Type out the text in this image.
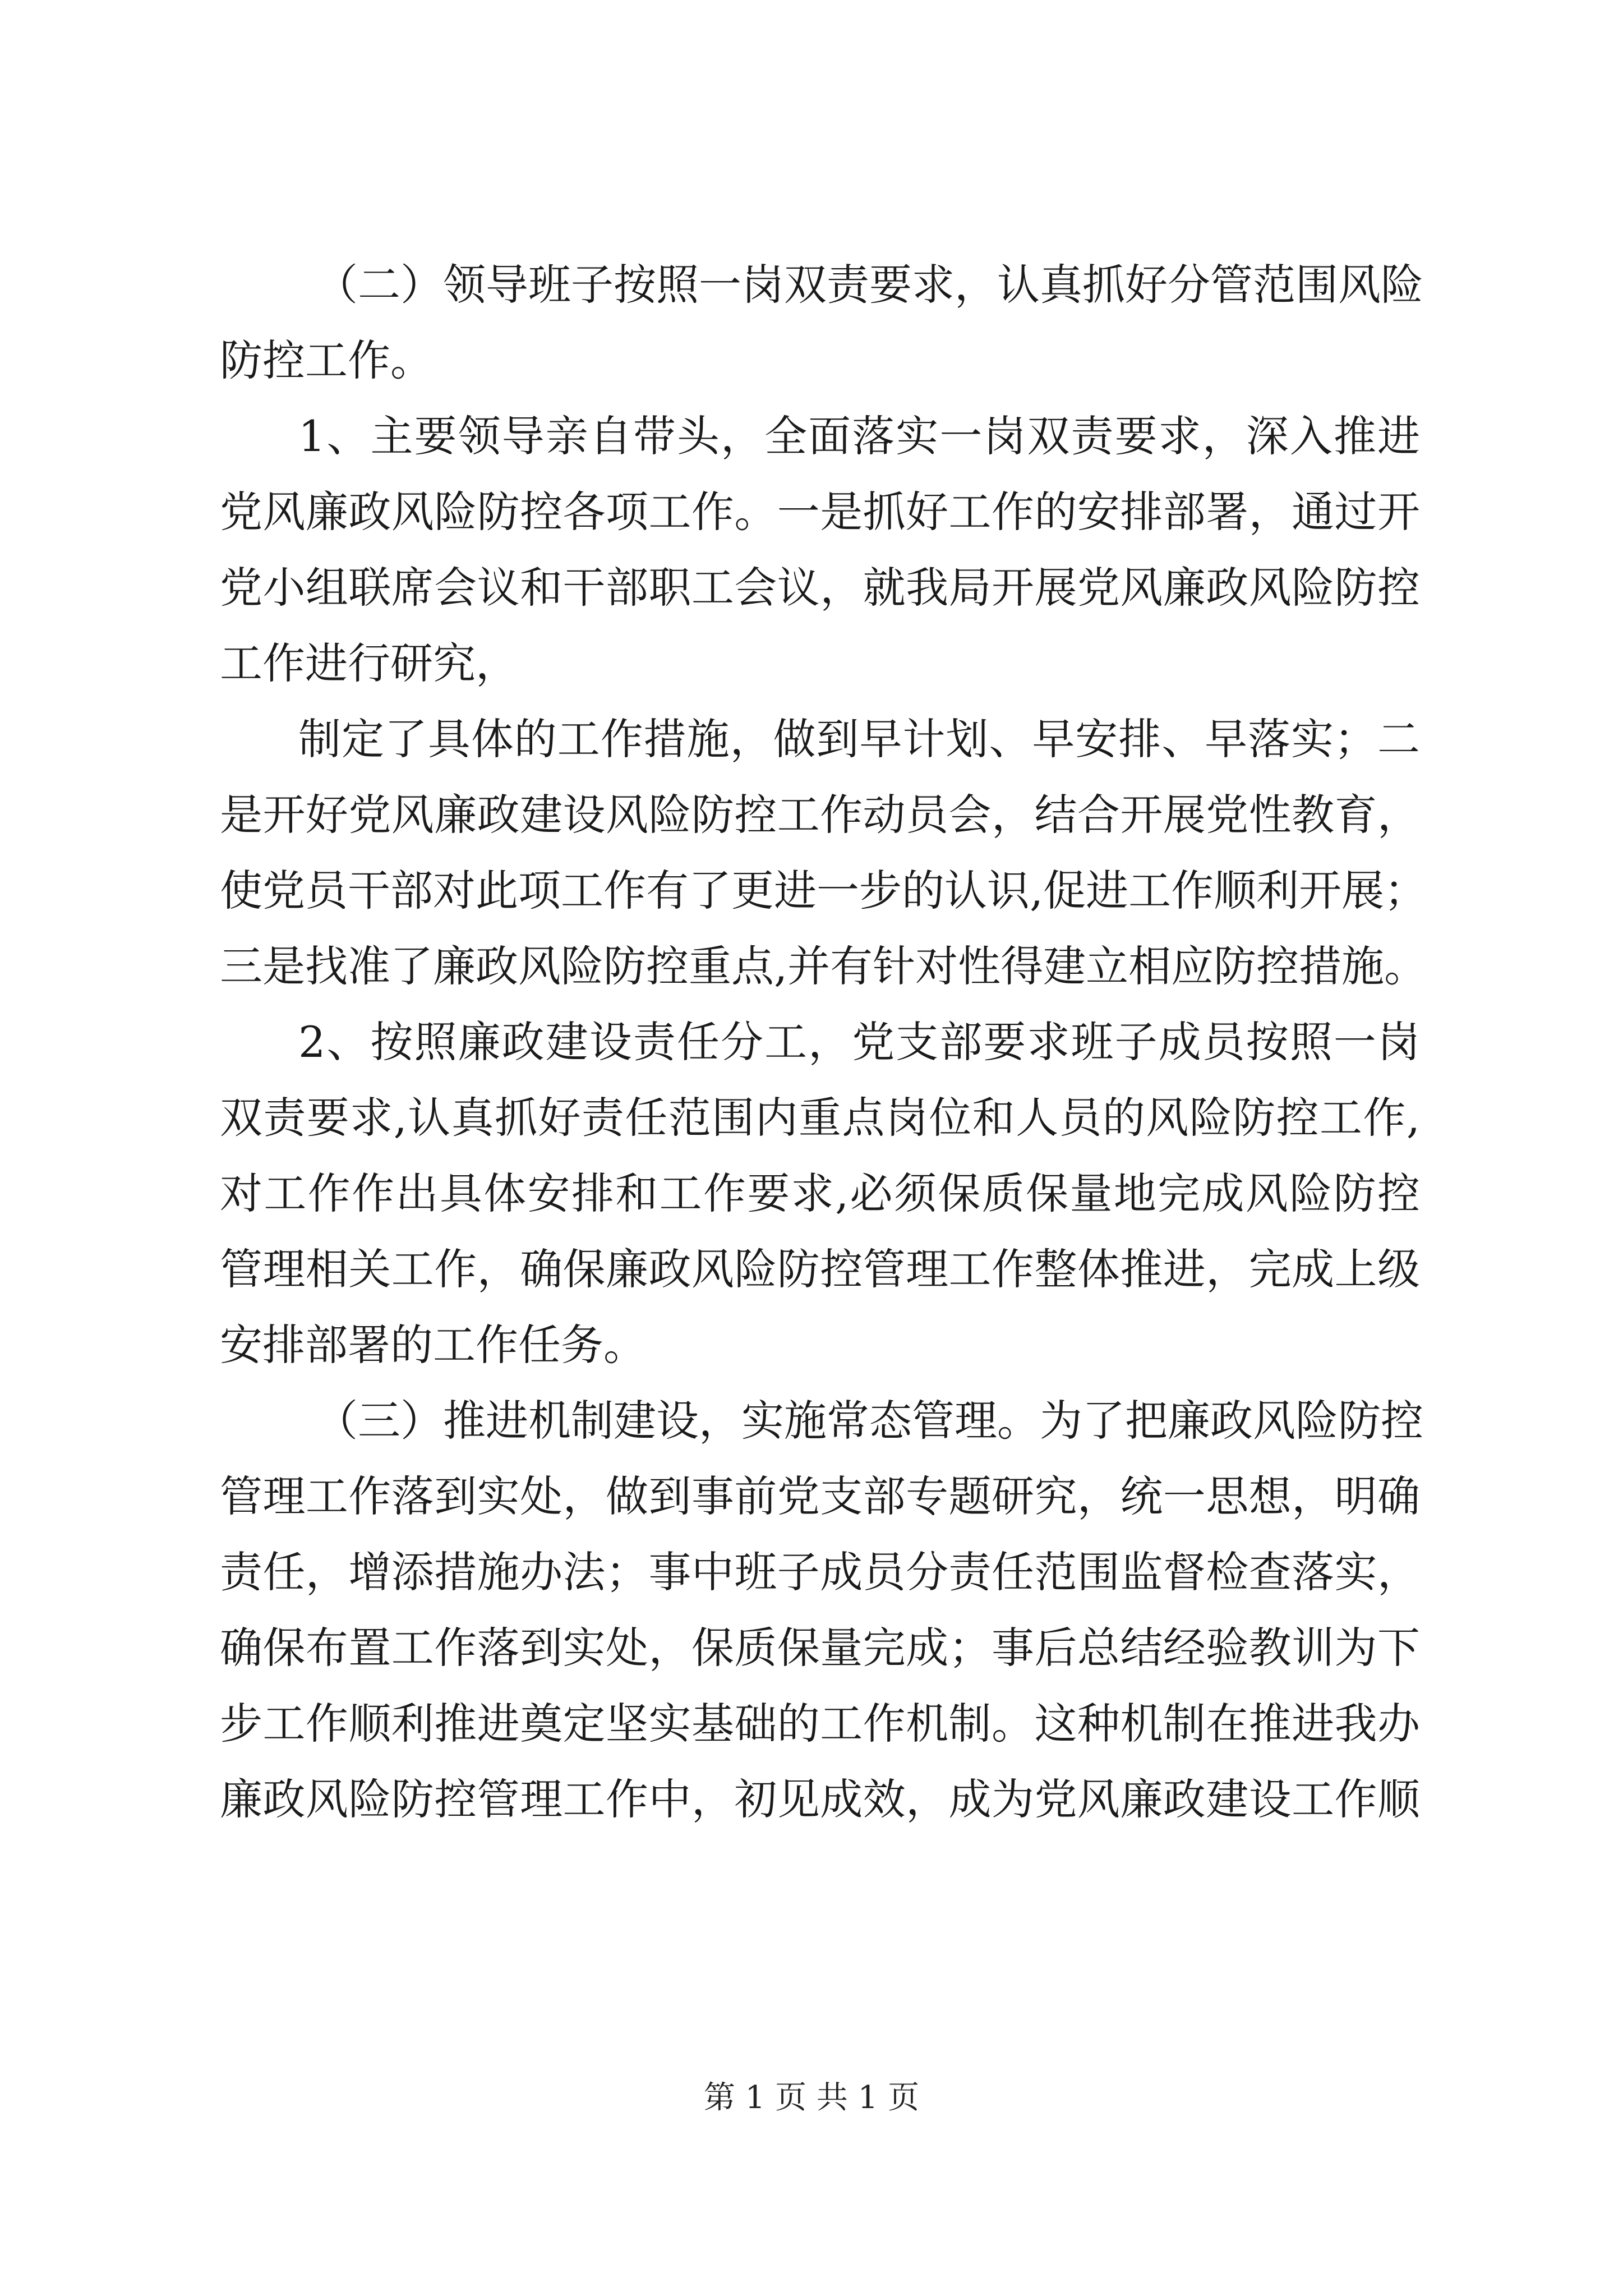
（二）领导班子按照一岗双责要求，认真抓好分管范围风险
防控工作。
1、主要领导亲自带头，全面落实一岗双责要求，深入推进
党风廉政风险防控各项工作。一是抓好工作的安排部署，通过开
党小组联席会议和干部职工会议，就我局开展党风廉政风险防控
工作进行研究，
制定了具体的工作措施，做到早计划、早安排、早落实；二
是开好党风廉政建设风险防控工作动员会，结合开展党性教育，
使党员干部对此项工作有了更进一步的认识,促进工作顺利开展；
三是找准了廉政风险防控重点,并有针对性得建立相应防控措施。
2、按照廉政建设责任分工，党支部要求班子成员按照一岗
双责要求,认真抓好责任范围内重点岗位和人员的风险防控工作,
对工作作出具体安排和工作要求,必须保质保量地完成风险防控
管理相关工作，确保廉政风险防控管理工作整体推进，完成上级
安排部署的工作任务。
（三）推进机制建设，实施常态管理。为了把廉政风险防控
管理工作落到实处，做到事前党支部专题研究，统一思想，明确
责任，增添措施办法；事中班子成员分责任范围监督检查落实，
确保布置工作落到实处，保质保量完成；事后总结经验教训为下
步工作顺利推进奠定坚实基础的工作机制。这种机制在推进我办
廉政风险防控管理工作中，初见成效，成为党风廉政建设工作顺
第 1 页 共 1 页
